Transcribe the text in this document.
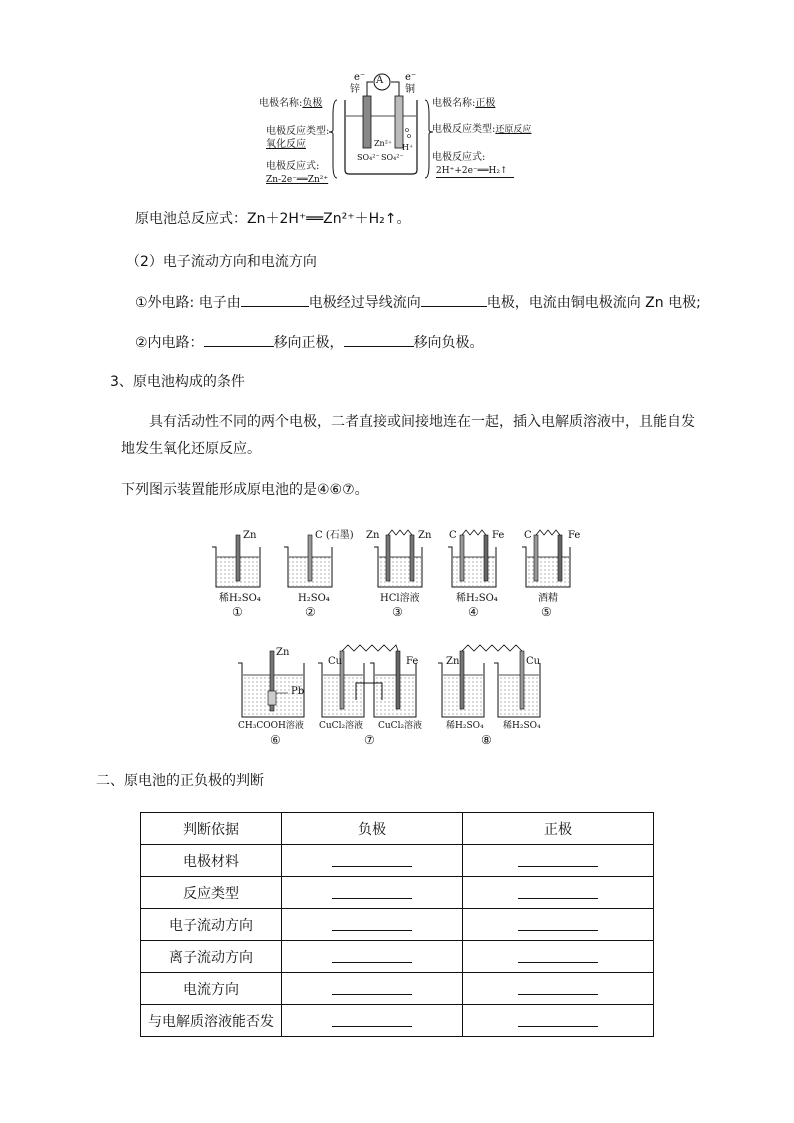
A
e⁻	e⁻
锌	铜
Zn²⁺
SO₄²⁻ SO₄²⁻
H⁺
电极名称:负极
电极反应类型:
氧化反应
电极反应式:
Zn-2e⁻══Zn²⁺
电极名称:正极
电极反应类型:还原反应
电极反应式:
2H⁺+2e⁻══H₂↑
原电池总反应式：Zn＋2H⁺══Zn²⁺＋H₂↑。
（2）电子流动方向和电流方向
①外电路: 电子由	电极经过导线流向	电极，电流由铜电极流向 Zn 电极;
②内电路：	移向正极，	移向负极。
3、原电池构成的条件
具有活动性不同的两个电极，二者直接或间接地连在一起，插入电解质溶液中，且能自发
地发生氧化还原反应。
下列图示装置能形成原电池的是④⑥⑦。
Zn
稀H₂SO₄
①
C (石墨)
H₂SO₄
②
Zn	Zn
HCl溶液
③
C	Fe
稀H₂SO₄
④
C	Fe
酒精
⑤
Zn
Pb
CH₃COOH溶液
⑥
Cu	Fe
CuCl₂溶液 CuCl₂溶液
⑦
Zn	Cu
稀H₂SO₄ 稀H₂SO₄
⑧
二、原电池的正负极的判断
判断依据	负极	正极
电极材料		
反应类型		
电子流动方向		
离子流动方向		
电流方向		
与电解质溶液能否发		
